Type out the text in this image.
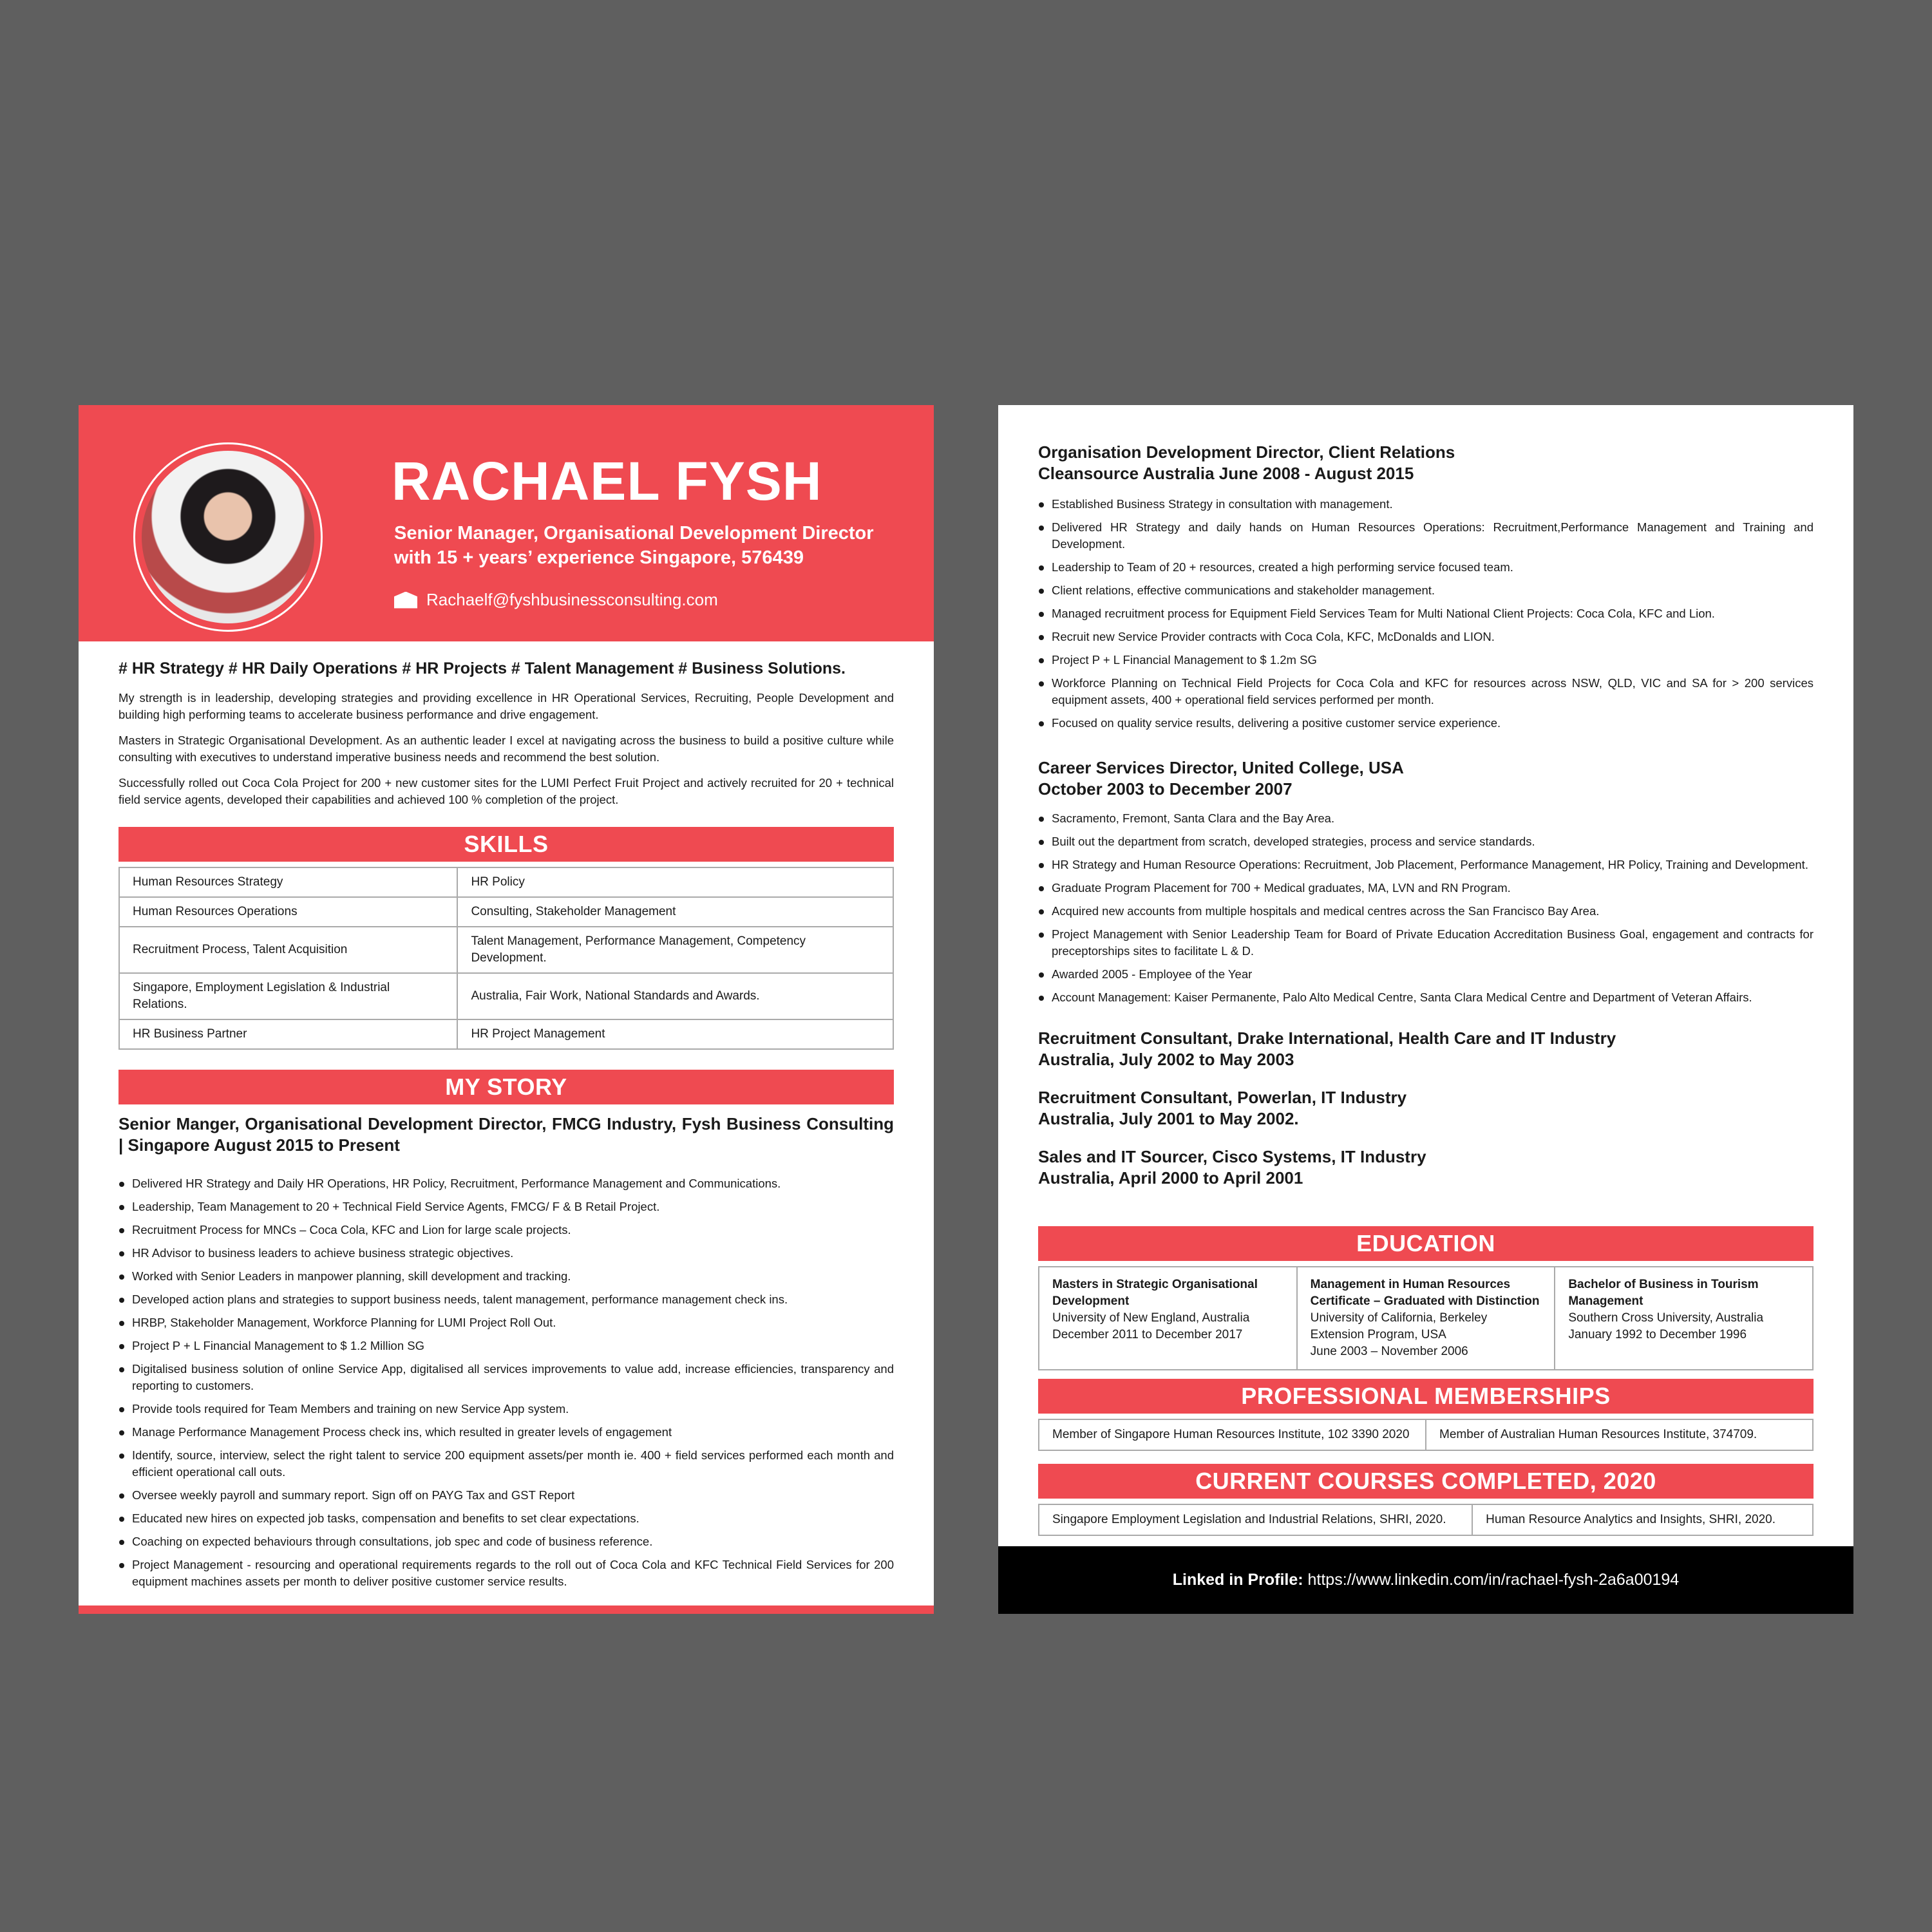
RACHAEL FYSH
Senior Manager, Organisational Development Director
with 15 + years’ experience Singapore, 576439
Rachaelf@fyshbusinessconsulting.com
# HR Strategy # HR Daily Operations # HR Projects # Talent Management # Business Solutions.

My strength is in leadership, developing strategies and providing excellence in HR Operational Services, Recruiting, People Development and building high performing teams to accelerate business performance and drive engagement.

Masters in Strategic Organisational Development. As an authentic leader I excel at navigating across the business to build a positive culture while consulting with executives to understand imperative business needs and recommend the best solution.

Successfully rolled out Coca Cola Project for 200 + new customer sites for the LUMI Perfect Fruit Project and actively recruited for 20 + technical field service agents, developed their capabilities and achieved 100 % completion of the project.

SKILLS
Human Resources Strategy	HR Policy
Human Resources Operations	Consulting, Stakeholder Management
Recruitment Process, Talent Acquisition	Talent Management, Performance Management, Competency Development.
Singapore, Employment Legislation & Industrial Relations.	Australia, Fair Work, National Standards and Awards.
HR Business Partner	HR Project Management
MY STORY
Senior Manger, Organisational Development Director, FMCG Industry, Fysh Business Consulting | Singapore August 2015 to Present
Delivered HR Strategy and Daily HR Operations, HR Policy, Recruitment, Performance Management and Communications.
Leadership, Team Management to 20 + Technical Field Service Agents, FMCG/ F & B Retail Project.
Recruitment Process for MNCs – Coca Cola, KFC and Lion for large scale projects.
HR Advisor to business leaders to achieve business strategic objectives.
Worked with Senior Leaders in manpower planning, skill development and tracking.
Developed action plans and strategies to support business needs, talent management, performance management check ins.
HRBP, Stakeholder Management, Workforce Planning for LUMI Project Roll Out.
Project P + L Financial Management to $ 1.2 Million SG
Digitalised business solution of online Service App, digitalised all services improvements to value add, increase efficiencies, transparency and reporting to customers.
Provide tools required for Team Members and training on new Service App system.
Manage Performance Management Process check ins, which resulted in greater levels of engagement
Identify, source, interview, select the right talent to service 200 equipment assets/per month ie. 400 + field services performed each month and efficient operational call outs.
Oversee weekly payroll and summary report. Sign off on PAYG Tax and GST Report
Educated new hires on expected job tasks, compensation and benefits to set clear expectations.
Coaching on expected behaviours through consultations, job spec and code of business reference.
Project Management - resourcing and operational requirements regards to the roll out of Coca Cola and KFC Technical Field Services for 200 equipment machines assets per month to deliver positive customer service results.
Organisation Development Director, Client Relations
Cleansource Australia June 2008 - August 2015
Established Business Strategy in consultation with management.
Delivered HR Strategy and daily hands on Human Resources Operations: Recruitment,Performance Management and Training and Development.
Leadership to Team of 20 + resources, created a high performing service focused team.
Client relations, effective communications and stakeholder management.
Managed recruitment process for Equipment Field Services Team for Multi National Client Projects: Coca Cola, KFC and Lion.
Recruit new Service Provider contracts with Coca Cola, KFC, McDonalds and LION.
Project P + L Financial Management to $ 1.2m SG
Workforce Planning on Technical Field Projects for Coca Cola and KFC for resources across NSW, QLD, VIC and SA for > 200 services equipment assets, 400 + operational field services performed per month.
Focused on quality service results, delivering a positive customer service experience.
Career Services Director, United College, USA
October 2003 to December 2007
Sacramento, Fremont, Santa Clara and the Bay Area.
Built out the department from scratch, developed strategies, process and service standards.
HR Strategy and Human Resource Operations: Recruitment, Job Placement, Performance Management, HR Policy, Training and Development.
Graduate Program Placement for 700 + Medical graduates, MA, LVN and RN Program.
Acquired new accounts from multiple hospitals and medical centres across the San Francisco Bay Area.
Project Management with Senior Leadership Team for Board of Private Education Accreditation Business Goal, engagement and contracts for preceptorships sites to facilitate L & D.
Awarded 2005 - Employee of the Year
Account Management: Kaiser Permanente, Palo Alto Medical Centre, Santa Clara Medical Centre and Department of Veteran Affairs.
Recruitment Consultant, Drake International, Health Care and IT Industry
Australia, July 2002 to May 2003
Recruitment Consultant, Powerlan, IT Industry
Australia, July 2001 to May 2002.
Sales and IT Sourcer, Cisco Systems, IT Industry
Australia, April 2000 to April 2001
EDUCATION
Masters in Strategic Organisational Development
University of New England, Australia
December 2011 to December 2017

Management in Human Resources Certificate – Graduated with Distinction
University of California, Berkeley Extension Program, USA
June 2003 – November 2006

Bachelor of Business in Tourism Management
Southern Cross University, Australia
January 1992 to December 1996
PROFESSIONAL MEMBERSHIPS
Member of Singapore Human Resources Institute, 102 3390 2020	Member of Australian Human Resources Institute, 374709.
CURRENT COURSES COMPLETED, 2020
Singapore Employment Legislation and Industrial Relations, SHRI, 2020.	Human Resource Analytics and Insights, SHRI, 2020.
Linked in Profile: https://www.linkedin.com/in/rachael-fysh-2a6a00194
